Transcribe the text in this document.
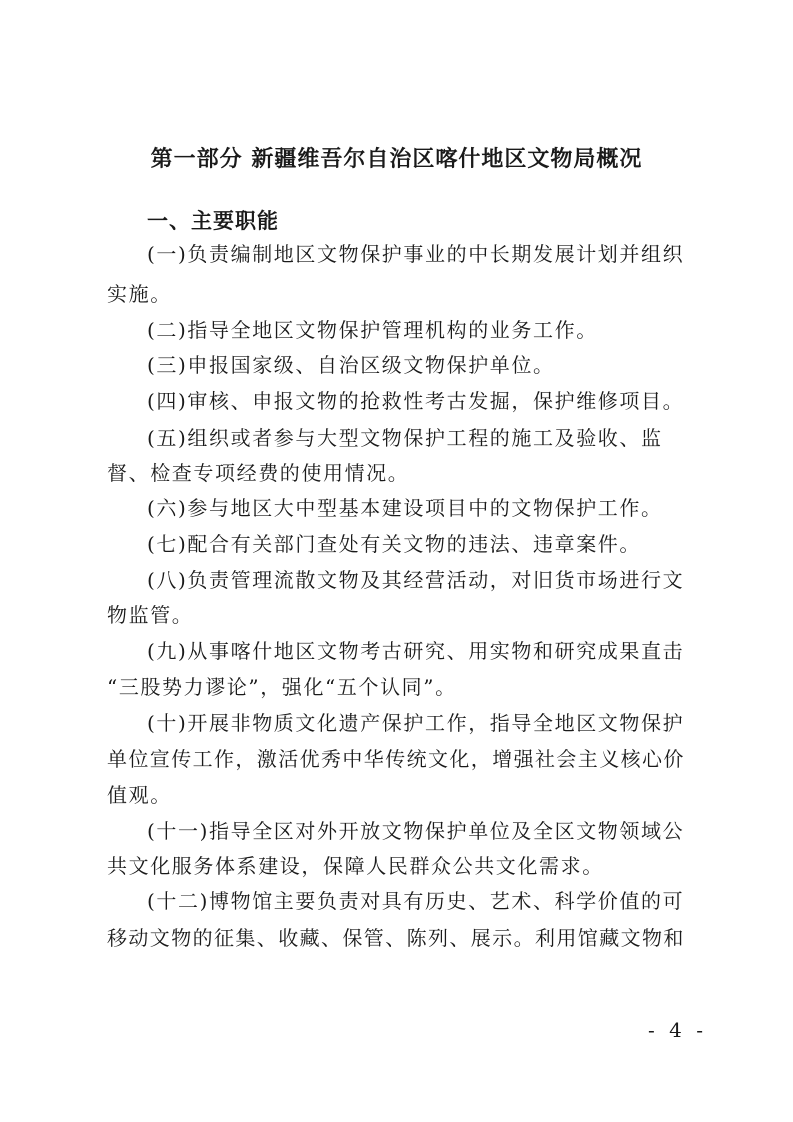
第一部分 新疆维吾尔自治区喀什地区文物局概况
一、主要职能
(一)负责编制地区文物保护事业的中长期发展计划并组织
实施。
(二)指导全地区文物保护管理机构的业务工作。
(三)申报国家级、自治区级文物保护单位。
(四)审核、申报文物的抢救性考古发掘，保护维修项目。
(五)组织或者参与大型文物保护工程的施工及验收、监
督、检查专项经费的使用情况。
(六)参与地区大中型基本建设项目中的文物保护工作。
(七)配合有关部门查处有关文物的违法、违章案件。
(八)负责管理流散文物及其经营活动，对旧货市场进行文
物监管。
(九)从事喀什地区文物考古研究、用实物和研究成果直击
“三股势力谬论”，强化“五个认同”。
(十)开展非物质文化遗产保护工作，指导全地区文物保护
单位宣传工作，激活优秀中华传统文化，增强社会主义核心价
值观。
(十一)指导全区对外开放文物保护单位及全区文物领域公
共文化服务体系建设，保障人民群众公共文化需求。
(十二)博物馆主要负责对具有历史、艺术、科学价值的可
移动文物的征集、收藏、保管、陈列、展示。利用馆藏文物和
- 4 -
